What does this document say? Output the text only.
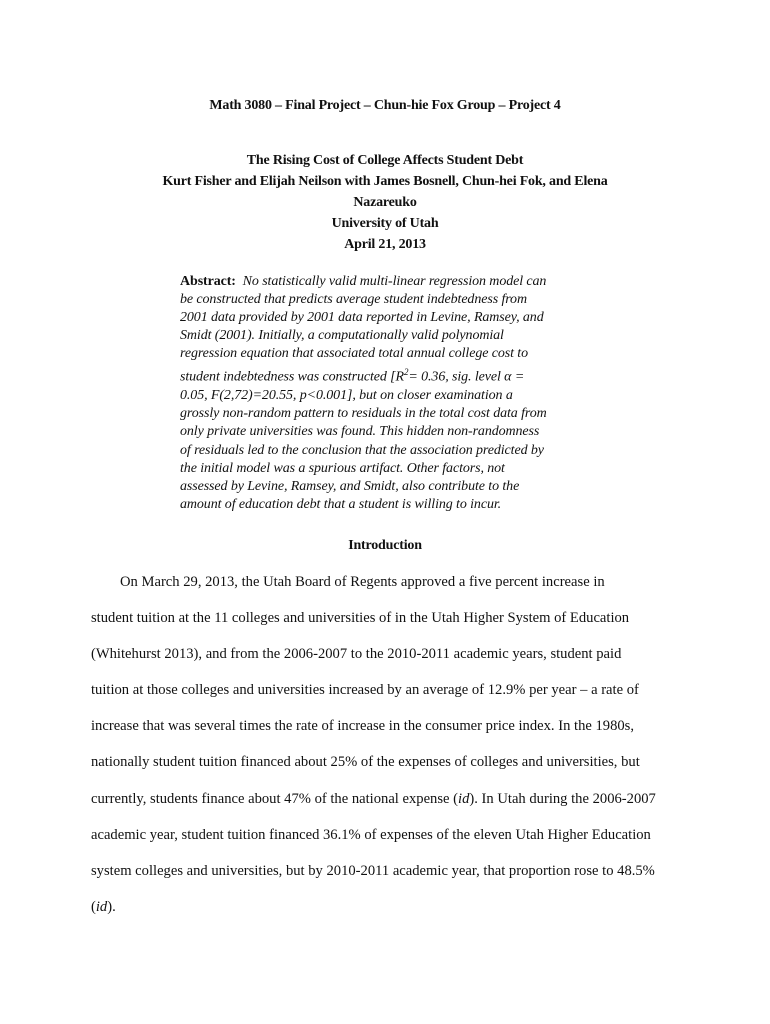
Math 3080 – Final Project – Chun-hie Fox Group – Project 4
The Rising Cost of College Affects Student Debt
Kurt Fisher and Elijah Neilson with James Bosnell, Chun-hei Fok, and Elena
Nazareuko
University of Utah
April 21, 2013
Abstract: No statistically valid multi-linear regression model can
be constructed that predicts average student indebtedness from
2001 data provided by 2001 data reported in Levine, Ramsey, and
Smidt (2001). Initially, a computationally valid polynomial
regression equation that associated total annual college cost to
student indebtedness was constructed [$R^2= 0.36$, sig. level α =
0.05, F(2,72)=20.55, p<0.001], but on closer examination a
grossly non-random pattern to residuals in the total cost data from
only private universities was found. This hidden non-randomness
of residuals led to the conclusion that the association predicted by
the initial model was a spurious artifact. Other factors, not
assessed by Levine, Ramsey, and Smidt, also contribute to the
amount of education debt that a student is willing to incur.
Introduction
On March 29, 2013, the Utah Board of Regents approved a five percent increase in
student tuition at the 11 colleges and universities of in the Utah Higher System of Education
(Whitehurst 2013), and from the 2006-2007 to the 2010-2011 academic years, student paid
tuition at those colleges and universities increased by an average of 12.9% per year – a rate of
increase that was several times the rate of increase in the consumer price index. In the 1980s,
nationally student tuition financed about 25% of the expenses of colleges and universities, but
currently, students finance about 47% of the national expense (id). In Utah during the 2006-2007
academic year, student tuition financed 36.1% of expenses of the eleven Utah Higher Education
system colleges and universities, but by 2010-2011 academic year, that proportion rose to 48.5%
(id).
